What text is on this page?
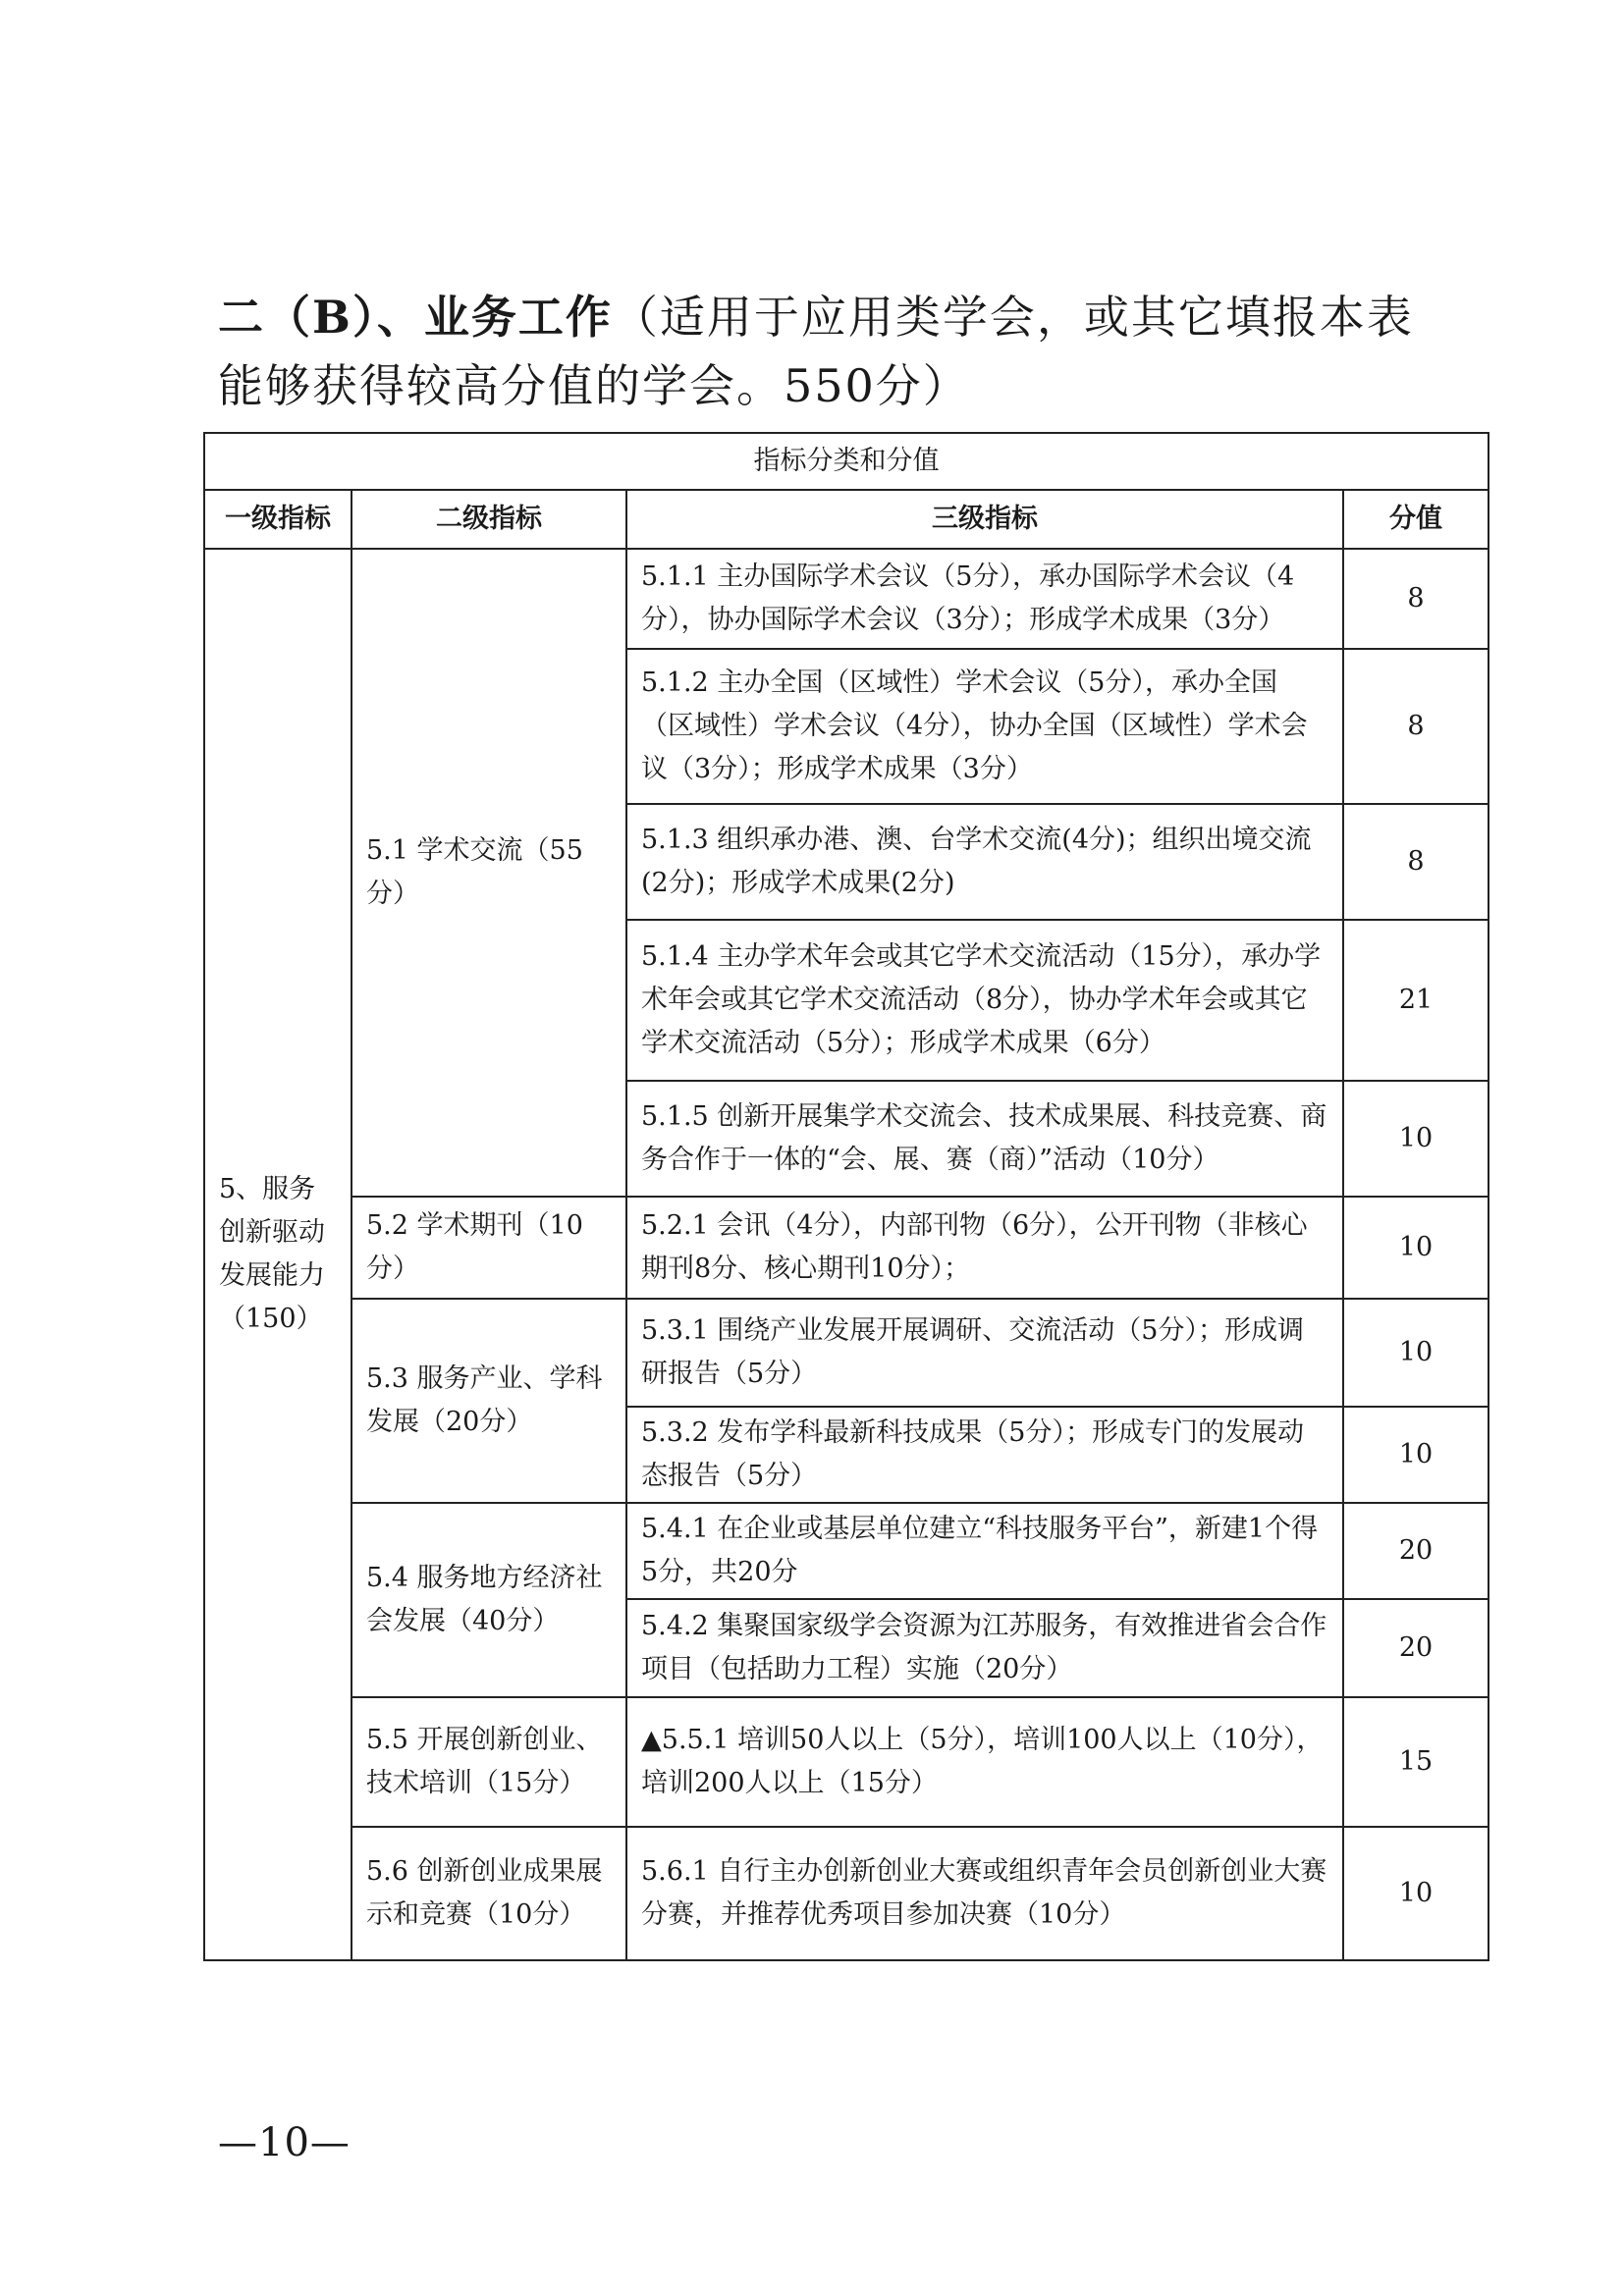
二（B）、业务工作（适用于应用类学会，或其它填报本表能够获得较高分值的学会。550分）
指标分类和分值			
一级指标	二级指标	三级指标	分值
5、服务创新驱动发展能力（150）	5.1 学术交流（55分）	5.1.1 主办国际学术会议（5分），承办国际学术会议（4分），协办国际学术会议（3分）；形成学术成果（3分）	8
		5.1.2 主办全国（区域性）学术会议（5分），承办全国（区域性）学术会议（4分），协办全国（区域性）学术会议（3分）；形成学术成果（3分）	8
		5.1.3 组织承办港、澳、台学术交流(4分)；组织出境交流(2分)；形成学术成果(2分)	8
		5.1.4 主办学术年会或其它学术交流活动（15分），承办学术年会或其它学术交流活动（8分），协办学术年会或其它学术交流活动（5分）；形成学术成果（6分）	21
		5.1.5 创新开展集学术交流会、技术成果展、科技竞赛、商务合作于一体的“会、展、赛（商）”活动（10分）	10
	5.2 学术期刊（10分）	5.2.1 会讯（4分），内部刊物（6分），公开刊物（非核心期刊8分、核心期刊10分）；	10
	5.3 服务产业、学科发展（20分）	5.3.1 围绕产业发展开展调研、交流活动（5分）；形成调研报告（5分）	10
		5.3.2 发布学科最新科技成果（5分）；形成专门的发展动态报告（5分）	10
	5.4 服务地方经济社会发展（40分）	5.4.1 在企业或基层单位建立“科技服务平台”，新建1个得5分，共20分	20
		5.4.2 集聚国家级学会资源为江苏服务，有效推进省会合作项目（包括助力工程）实施（20分）	20
	5.5 开展创新创业、技术培训（15分）	▲5.5.1 培训50人以上（5分），培训100人以上（10分），培训200人以上（15分）	15
	5.6 创新创业成果展示和竞赛（10分）	5.6.1 自行主办创新创业大赛或组织青年会员创新创业大赛分赛，并推荐优秀项目参加决赛（10分）	10
—10—
